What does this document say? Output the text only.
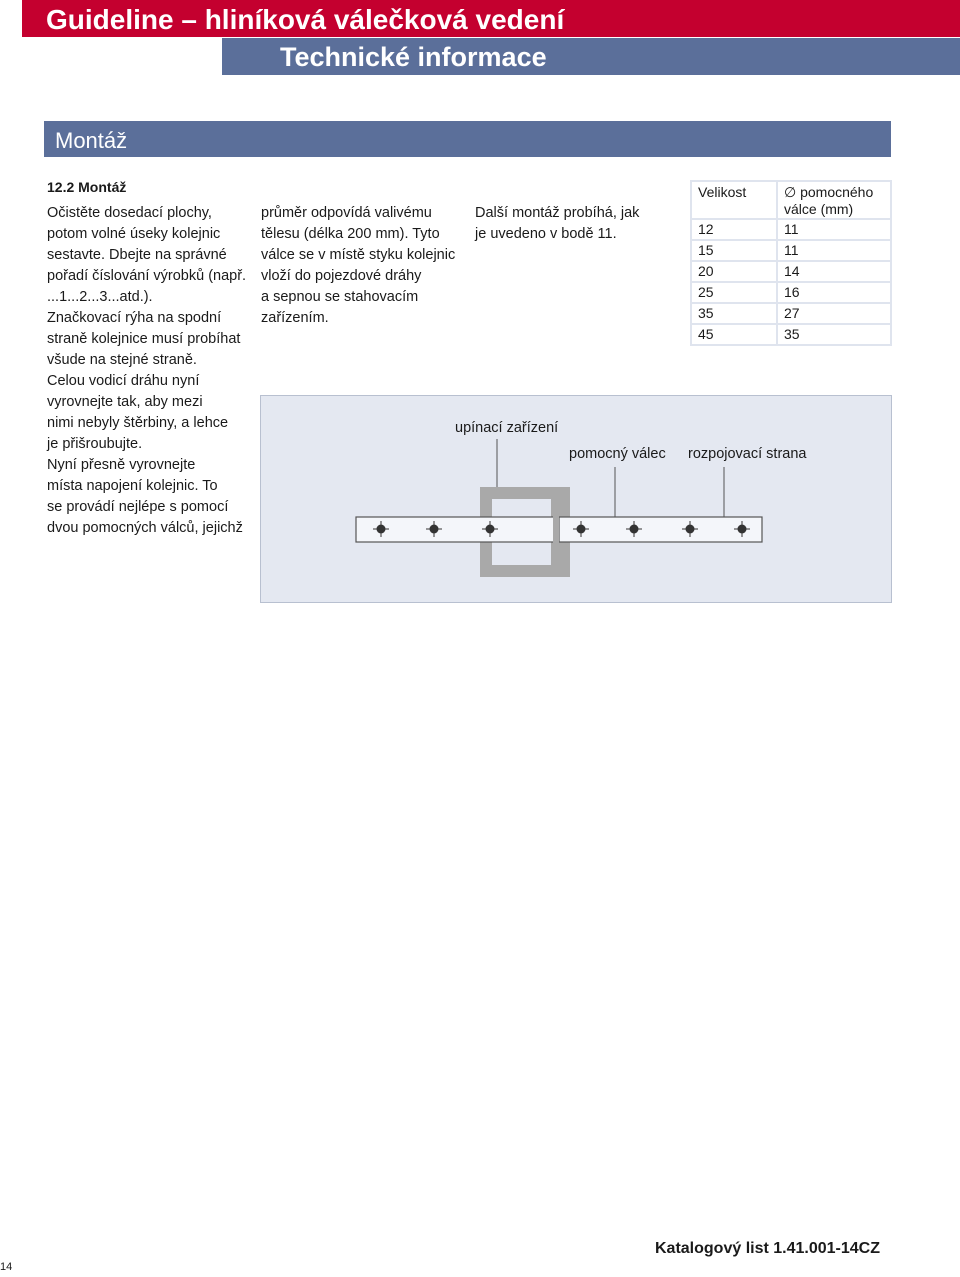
Guideline – hliníková válečková vedení
Technické informace
Montáž
12.2 Montáž
Očistěte dosedací plochy,
potom volné úseky kolejnic
sestavte. Dbejte na správné
pořadí číslování výrobků (např.
...1...2...3...atd.).
Značkovací rýha na spodní
straně kolejnice musí probíhat
všude na stejné straně.
Celou vodicí dráhu nyní
vyrovnejte tak, aby mezi
nimi nebyly štěrbiny, a lehce
je přišroubujte.
Nyní přesně vyrovnejte
místa napojení kolejnic. To
se provádí nejlépe s pomocí
dvou pomocných válců, jejichž
průměr odpovídá valivému
tělesu (délka 200 mm). Tyto
válce se v místě styku kolejnic
vloží do pojezdové dráhy
a sepnou se stahovacím
zařízením.
Další montáž probíhá, jak
je uvedeno v bodě 11.
Velikost	∅ pomocného válce (mm)
12	11
15	11
20	14
25	16
35	27
45	35
upínací zařízení
pomocný válec rozpojovací strana
Katalogový list 1.41.001-14CZ
14
